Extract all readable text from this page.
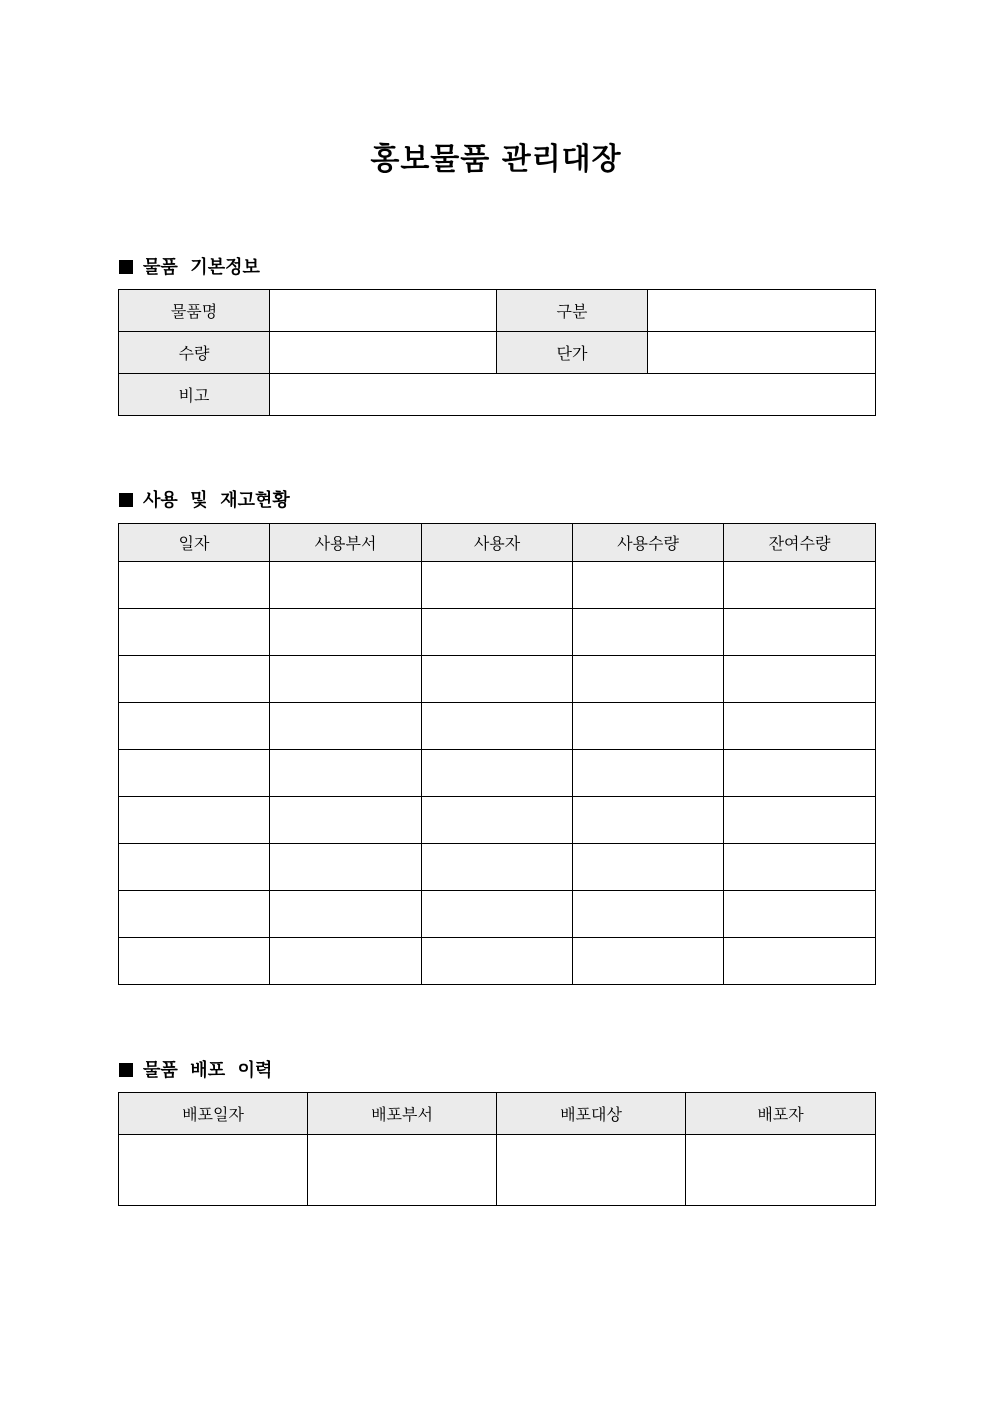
홍보물품 관리대장
물품  기본정보
물품명		구분	
수량		단가	
비고			
사용  및  재고현황
일자	사용부서	사용자	사용수량	잔여수량

물품  배포  이력
배포일자	배포부서	배포대상	배포자
